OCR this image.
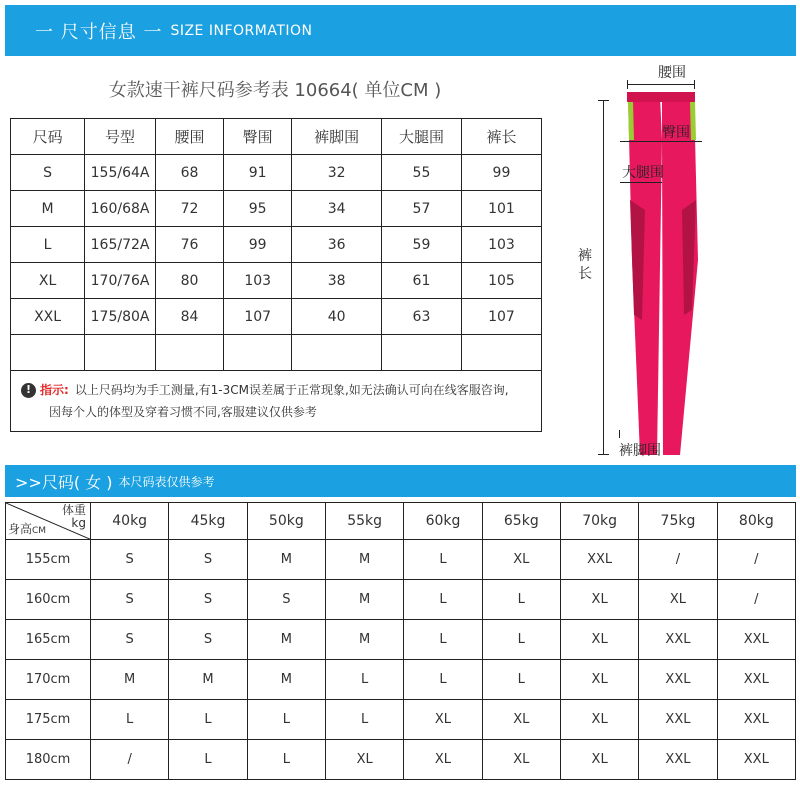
一 尺寸信息 一 SIZE INFORMATION
女款速干裤尺码参考表 10664( 单位CM )
尺码	号型	腰围	臀围	裤脚围	大腿围	裤长
S	155/64A	68	91	32	55	99
M	160/68A	72	95	34	57	101
L	165/72A	76	99	36	59	103
XL	170/76A	80	103	38	61	105
XXL	175/80A	84	107	40	63	107

! 指示: 以上尺码均为手工测量,有1-3CM误差属于正常现象,如无法确认可向在线客服咨询,
因每个人的体型及穿着习惯不同,客服建议仅供参考						
腰围
臀围
大腿围
裤
长
裤脚围
>>尺码( 女 ) 本尺码表仅供参考
体重
kg
身高CM	40kg	45kg	50kg	55kg	60kg	65kg	70kg	75kg	80kg
155cm	S	S	M	M	L	XL	XXL	/	/
160cm	S	S	S	M	L	L	XL	XL	/
165cm	S	S	M	M	L	L	XL	XXL	XXL
170cm	M	M	M	L	L	L	XL	XXL	XXL
175cm	L	L	L	L	XL	XL	XL	XXL	XXL
180cm	/	L	L	XL	XL	XL	XL	XXL	XXL
